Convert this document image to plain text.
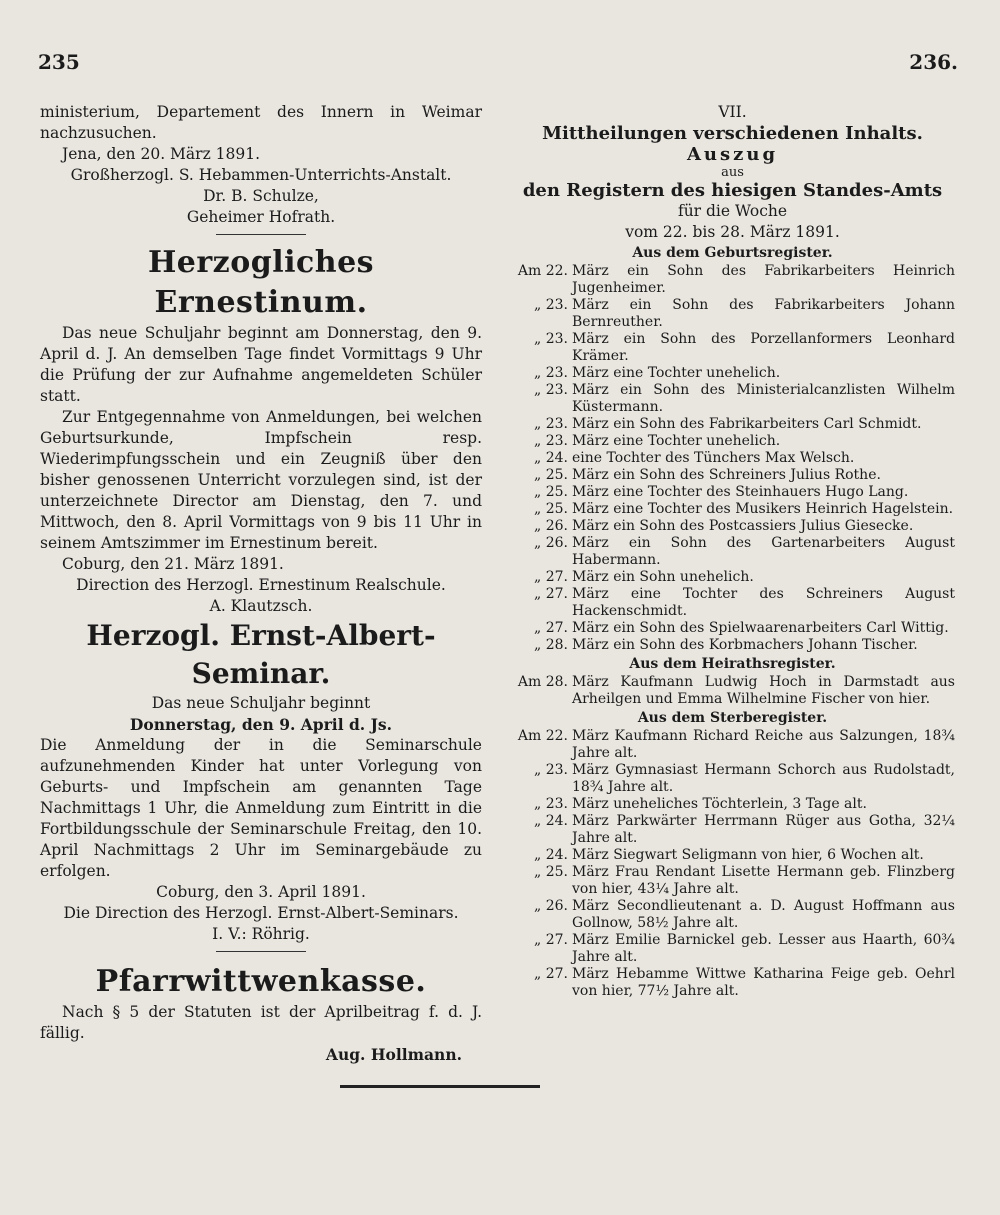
235	236.

ministerium, Departement des Innern in Weimar nachzusuchen.

Jena, den 20. März 1891.

Großherzogl. S. Hebammen-Unterrichts-Anstalt.

Dr. B. Schulze,

Geheimer Hofrath.

Herzogliches Ernestinum.

Das neue Schuljahr beginnt am Donnerstag, den 9. April d. J. An demselben Tage findet Vormittags 9 Uhr die Prüfung der zur Aufnahme angemeldeten Schüler statt.

Zur Entgegennahme von Anmeldungen, bei welchen Geburtsurkunde, Impfschein resp. Wiederimpfungsschein und ein Zeugniß über den bisher genossenen Unterricht vorzulegen sind, ist der unterzeichnete Director am Dienstag, den 7. und Mittwoch, den 8. April Vormittags von 9 bis 11 Uhr in seinem Amtszimmer im Ernestinum bereit.

Coburg, den 21. März 1891.

Direction des Herzogl. Ernestinum Realschule.

A. Klautzsch.

Herzogl. Ernst-Albert-Seminar.

Das neue Schuljahr beginnt

Donnerstag, den 9. April d. Js.

Die Anmeldung der in die Seminarschule aufzunehmenden Kinder hat unter Vorlegung von Geburts- und Impfschein am genannten Tage Nachmittags 1 Uhr, die Anmeldung zum Eintritt in die Fortbildungsschule der Seminarschule Freitag, den 10. April Nachmittags 2 Uhr im Seminargebäude zu erfolgen.

Coburg, den 3. April 1891.

Die Direction des Herzogl. Ernst-Albert-Seminars.

I. V.: Röhrig.

Pfarrwittwenkasse.

Nach § 5 der Statuten ist der Aprilbeitrag f. d. J. fällig.

Aug. Hollmann.

VII.

Mittheilungen verschiedenen Inhalts.

Auszug

aus

den Registern des hiesigen Standes-Amts

für die Woche

vom 22. bis 28. März 1891.

Aus dem Geburtsregister.

Am 22. März ein Sohn des Fabrikarbeiters Heinrich Jugenheimer.
„ 23. März ein Sohn des Fabrikarbeiters Johann Bernreuther.
„ 23. März ein Sohn des Porzellanformers Leonhard Krämer.
„ 23. März eine Tochter unehelich.
„ 23. März ein Sohn des Ministerialcanzlisten Wilhelm Küstermann.
„ 23. März ein Sohn des Fabrikarbeiters Carl Schmidt.
„ 23. März eine Tochter unehelich.
„ 24. eine Tochter des Tünchers Max Welsch.
„ 25. März ein Sohn des Schreiners Julius Rothe.
„ 25. März eine Tochter des Steinhauers Hugo Lang.
„ 25. März eine Tochter des Musikers Heinrich Hagelstein.
„ 26. März ein Sohn des Postcassiers Julius Giesecke.
„ 26. März ein Sohn des Gartenarbeiters August Habermann.
„ 27. März ein Sohn unehelich.
„ 27. März eine Tochter des Schreiners August Hackenschmidt.
„ 27. März ein Sohn des Spielwaarenarbeiters Carl Wittig.
„ 28. März ein Sohn des Korbmachers Johann Tischer.

Aus dem Heirathsregister.

Am 28. März Kaufmann Ludwig Hoch in Darmstadt aus Arheilgen und Emma Wilhelmine Fischer von hier.

Aus dem Sterberegister.

Am 22. März Kaufmann Richard Reiche aus Salzungen, 18¾ Jahre alt.
„ 23. März Gymnasiast Hermann Schorch aus Rudolstadt, 18¾ Jahre alt.
„ 23. März uneheliches Töchterlein, 3 Tage alt.
„ 24. März Parkwärter Herrmann Rüger aus Gotha, 32¼ Jahre alt.
„ 24. März Siegwart Seligmann von hier, 6 Wochen alt.
„ 25. März Frau Rendant Lisette Hermann geb. Flinzberg von hier, 43¼ Jahre alt.
„ 26. März Secondlieutenant a. D. August Hoffmann aus Gollnow, 58½ Jahre alt.
„ 27. März Emilie Barnickel geb. Lesser aus Haarth, 60¾ Jahre alt.
„ 27. März Hebamme Wittwe Katharina Feige geb. Oehrl von hier, 77½ Jahre alt.
